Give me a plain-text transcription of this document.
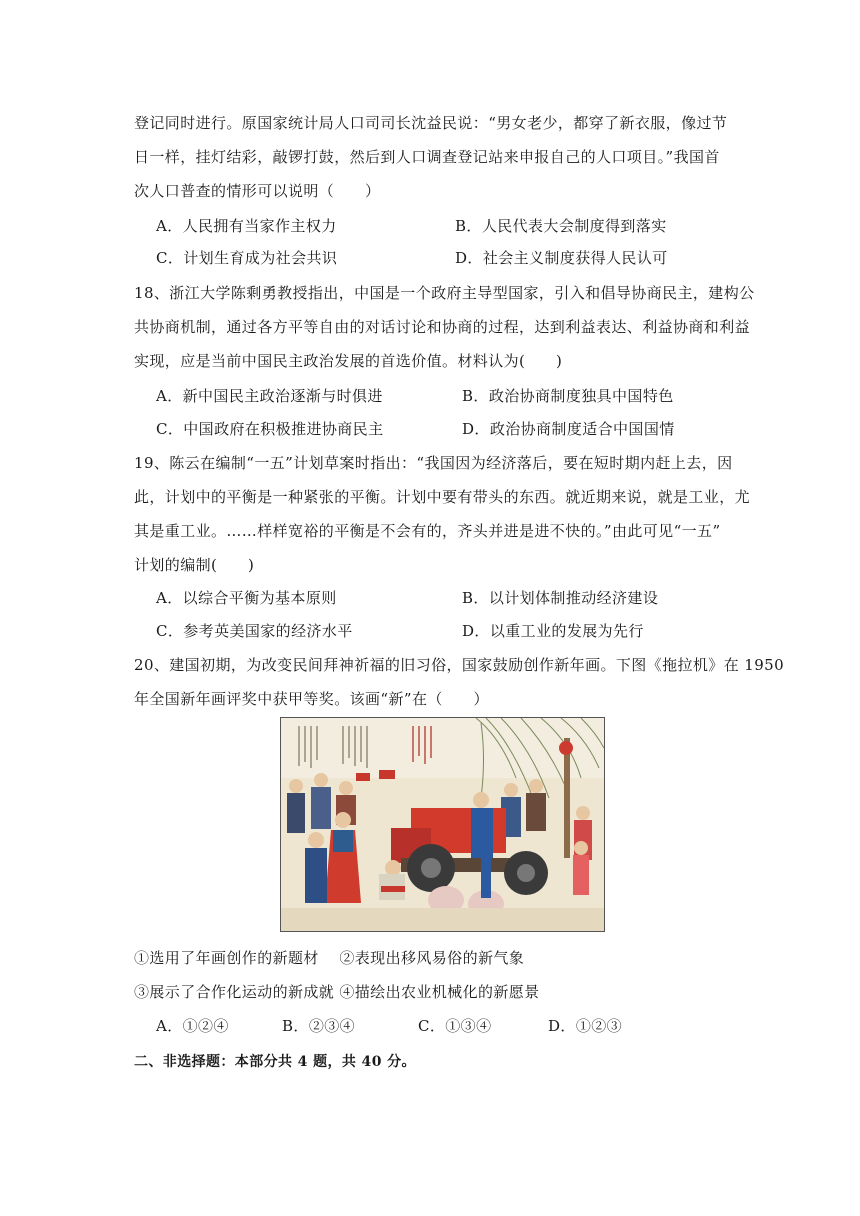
登记同时进行。原国家统计局人口司司长沈益民说：“男女老少，都穿了新衣服，像过节
日一样，挂灯结彩，敲锣打鼓，然后到人口调查登记站来申报自己的人口项目。”我国首
次人口普查的情形可以说明（　　）
A．人民拥有当家作主权力	B．人民代表大会制度得到落实
C．计划生育成为社会共识	D．社会主义制度获得人民认可
18、浙江大学陈剩勇教授指出，中国是一个政府主导型国家，引入和倡导协商民主，建构公
共协商机制，通过各方平等自由的对话讨论和协商的过程，达到利益表达、利益协商和利益
实现，应是当前中国民主政治发展的首选价值。材料认为(　　)
A．新中国民主政治逐渐与时俱进	B．政治协商制度独具中国特色
C．中国政府在积极推进协商民主	D．政治协商制度适合中国国情
19、陈云在编制“一五”计划草案时指出：“我国因为经济落后，要在短时期内赶上去，因
此，计划中的平衡是一种紧张的平衡。计划中要有带头的东西。就近期来说，就是工业，尤
其是重工业。……样样宽裕的平衡是不会有的，齐头并进是进不快的。”由此可见“一五”
计划的编制(　　)
A．以综合平衡为基本原则	B．以计划体制推动经济建设
C．参考英美国家的经济水平	D．以重工业的发展为先行
20、建国初期，为改变民间拜神祈福的旧习俗，国家鼓励创作新年画。下图《拖拉机》在 1950
年全国新年画评奖中获甲等奖。该画“新”在（　　）
①选用了年画创作的新题材　 ②表现出移风易俗的新气象
③展示了合作化运动的新成就 ④描绘出农业机械化的新愿景
A．①②④	B．②③④	C．①③④	D．①②③
二、非选择题：本部分共 4 题，共 40 分。
